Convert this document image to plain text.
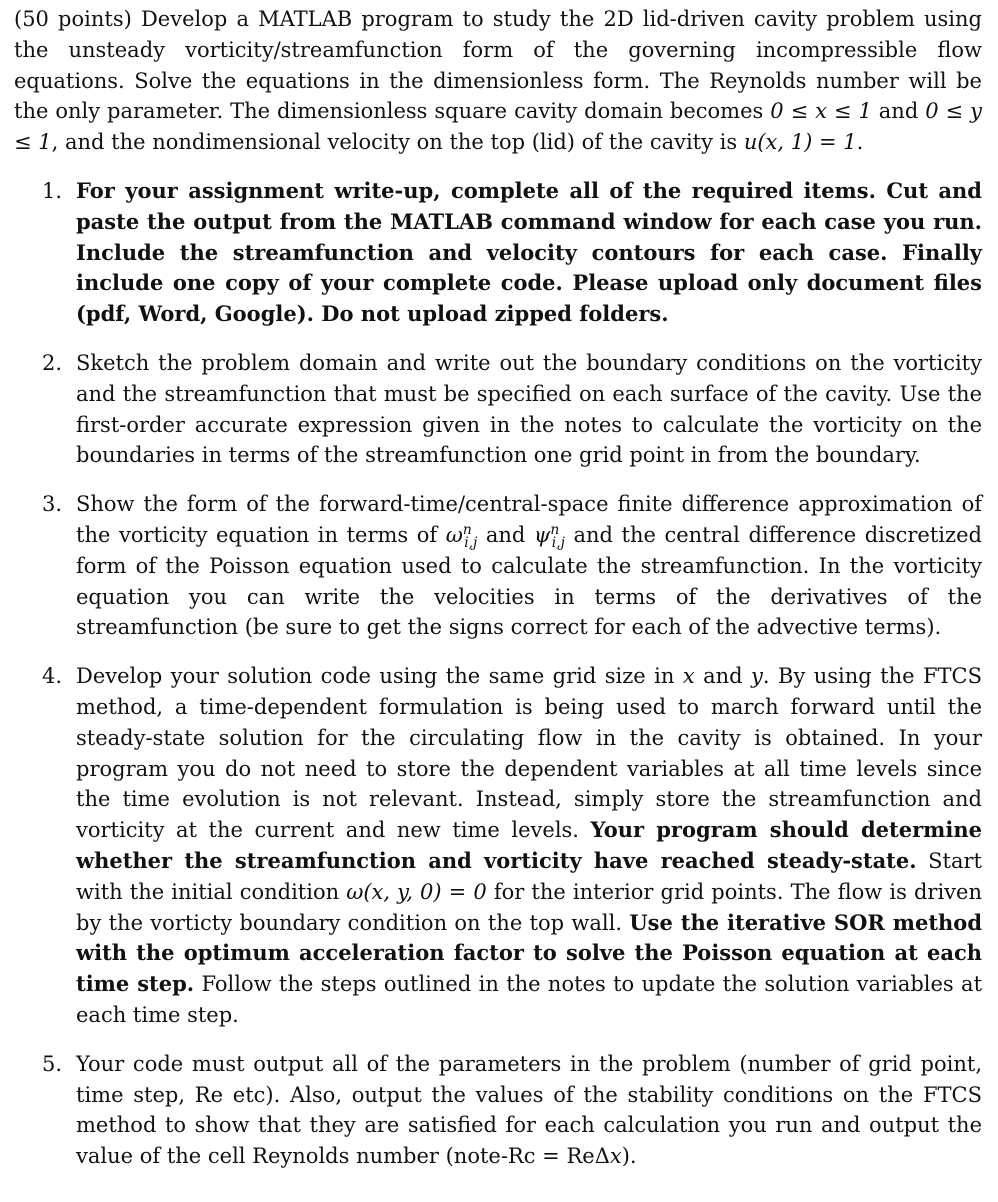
(50 points) Develop a MATLAB program to study the 2D lid-driven cavity problem using the unsteady vorticity/streamfunction form of the governing incompressible flow equations. Solve the equations in the dimensionless form. The Reynolds number will be the only parameter. The dimensionless square cavity domain becomes 0 ≤ x ≤ 1 and 0 ≤ y ≤ 1, and the nondimensional velocity on the top (lid) of the cavity is u(x, 1) = 1.

1. For your assignment write-up, complete all of the required items. Cut and paste the output from the MATLAB command window for each case you run. Include the streamfunction and velocity contours for each case. Finally include one copy of your complete code. Please upload only document files (pdf, Word, Google). Do not upload zipped folders.
2. Sketch the problem domain and write out the boundary conditions on the vorticity and the streamfunction that must be specified on each surface of the cavity. Use the first-order accurate expression given in the notes to calculate the vorticity on the boundaries in terms of the streamfunction one grid point in from the boundary.
3. Show the form of the forward-time/central-space finite difference approximation of the vorticity equation in terms of $\omega^n_{i,j}$ and $\psi^n_{i,j}$ and the central difference discretized form of the Poisson equation used to calculate the streamfunction. In the vorticity equation you can write the velocities in terms of the derivatives of the streamfunction (be sure to get the signs correct for each of the advective terms).
4. Develop your solution code using the same grid size in x and y. By using the FTCS method, a time-dependent formulation is being used to march forward until the steady-state solution for the circulating flow in the cavity is obtained. In your program you do not need to store the dependent variables at all time levels since the time evolution is not relevant. Instead, simply store the streamfunction and vorticity at the current and new time levels. Your program should determine whether the streamfunction and vorticity have reached steady-state. Start with the initial condition ω(x, y, 0) = 0 for the interior grid points. The flow is driven by the vorticty boundary condition on the top wall. Use the iterative SOR method with the optimum acceleration factor to solve the Poisson equation at each time step. Follow the steps outlined in the notes to update the solution variables at each time step.
5. Your code must output all of the parameters in the problem (number of grid point, time step, Re etc). Also, output the values of the stability conditions on the FTCS method to show that they are satisfied for each calculation you run and output the value of the cell Reynolds number (note-Rc = ReΔx).
